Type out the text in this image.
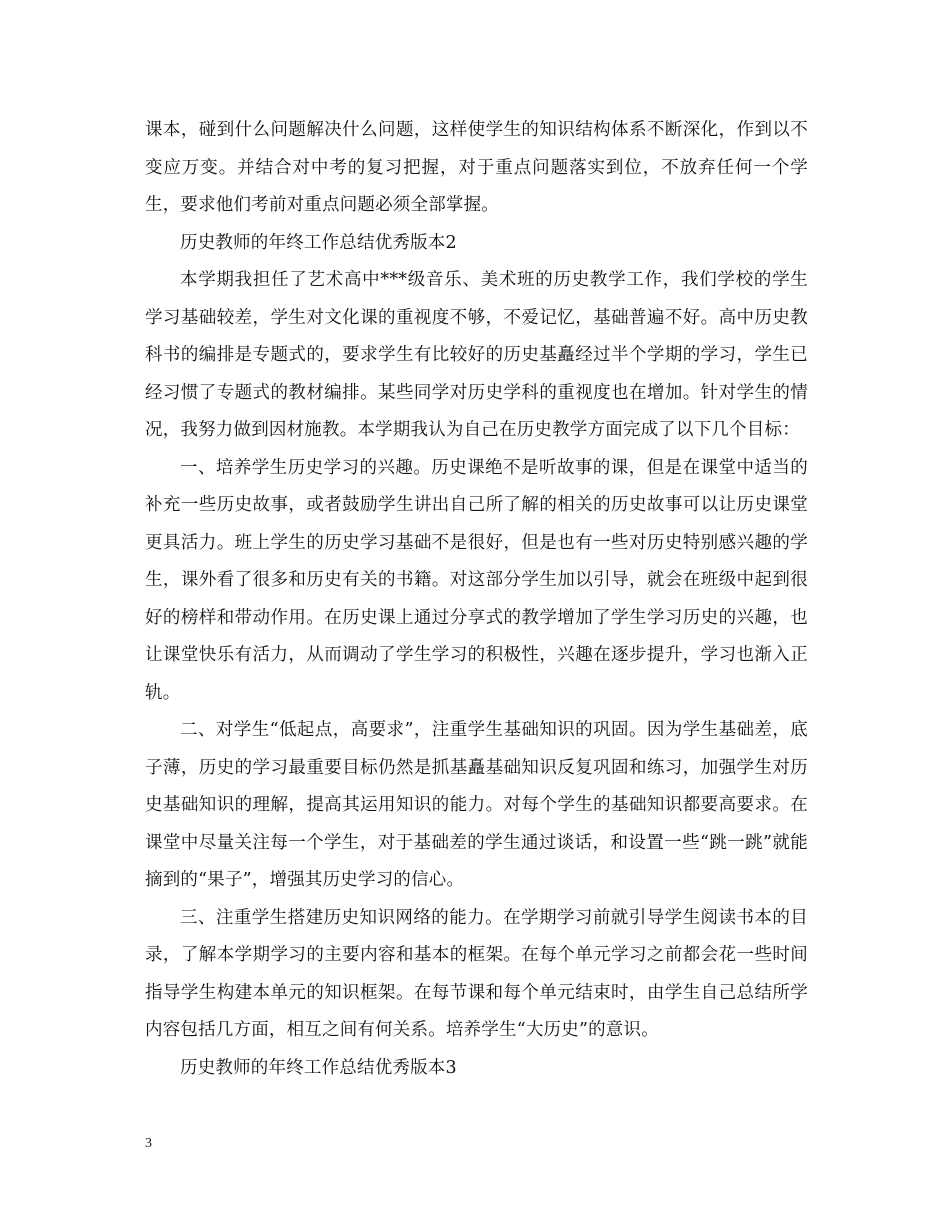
课本，碰到什么问题解决什么问题，这样使学生的知识结构体系不断深化，作到以不变应万变。并结合对中考的复习把握，对于重点问题落实到位，不放弃任何一个学生，要求他们考前对重点问题必须全部掌握。

历史教师的年终工作总结优秀版本2

本学期我担任了艺术高中***级音乐、美术班的历史教学工作，我们学校的学生学习基础较差，学生对文化课的重视度不够，不爱记忆，基础普遍不好。高中历史教科书的编排是专题式的，要求学生有比较好的历史基矗经过半个学期的学习，学生已经习惯了专题式的教材编排。某些同学对历史学科的重视度也在增加。针对学生的情况，我努力做到因材施教。本学期我认为自己在历史教学方面完成了以下几个目标：

一、培养学生历史学习的兴趣。历史课绝不是听故事的课，但是在课堂中适当的补充一些历史故事，或者鼓励学生讲出自己所了解的相关的历史故事可以让历史课堂更具活力。班上学生的历史学习基础不是很好，但是也有一些对历史特别感兴趣的学生，课外看了很多和历史有关的书籍。对这部分学生加以引导，就会在班级中起到很好的榜样和带动作用。在历史课上通过分享式的教学增加了学生学习历史的兴趣，也让课堂快乐有活力，从而调动了学生学习的积极性，兴趣在逐步提升，学习也渐入正轨。

二、对学生“低起点，高要求”，注重学生基础知识的巩固。因为学生基础差，底子薄，历史的学习最重要目标仍然是抓基矗基础知识反复巩固和练习，加强学生对历史基础知识的理解，提高其运用知识的能力。对每个学生的基础知识都要高要求。在课堂中尽量关注每一个学生，对于基础差的学生通过谈话，和设置一些“跳一跳”就能摘到的“果子”，增强其历史学习的信心。

三、注重学生搭建历史知识网络的能力。在学期学习前就引导学生阅读书本的目录，了解本学期学习的主要内容和基本的框架。在每个单元学习之前都会花一些时间指导学生构建本单元的知识框架。在每节课和每个单元结束时，由学生自己总结所学内容包括几方面，相互之间有何关系。培养学生“大历史”的意识。

历史教师的年终工作总结优秀版本3

3
